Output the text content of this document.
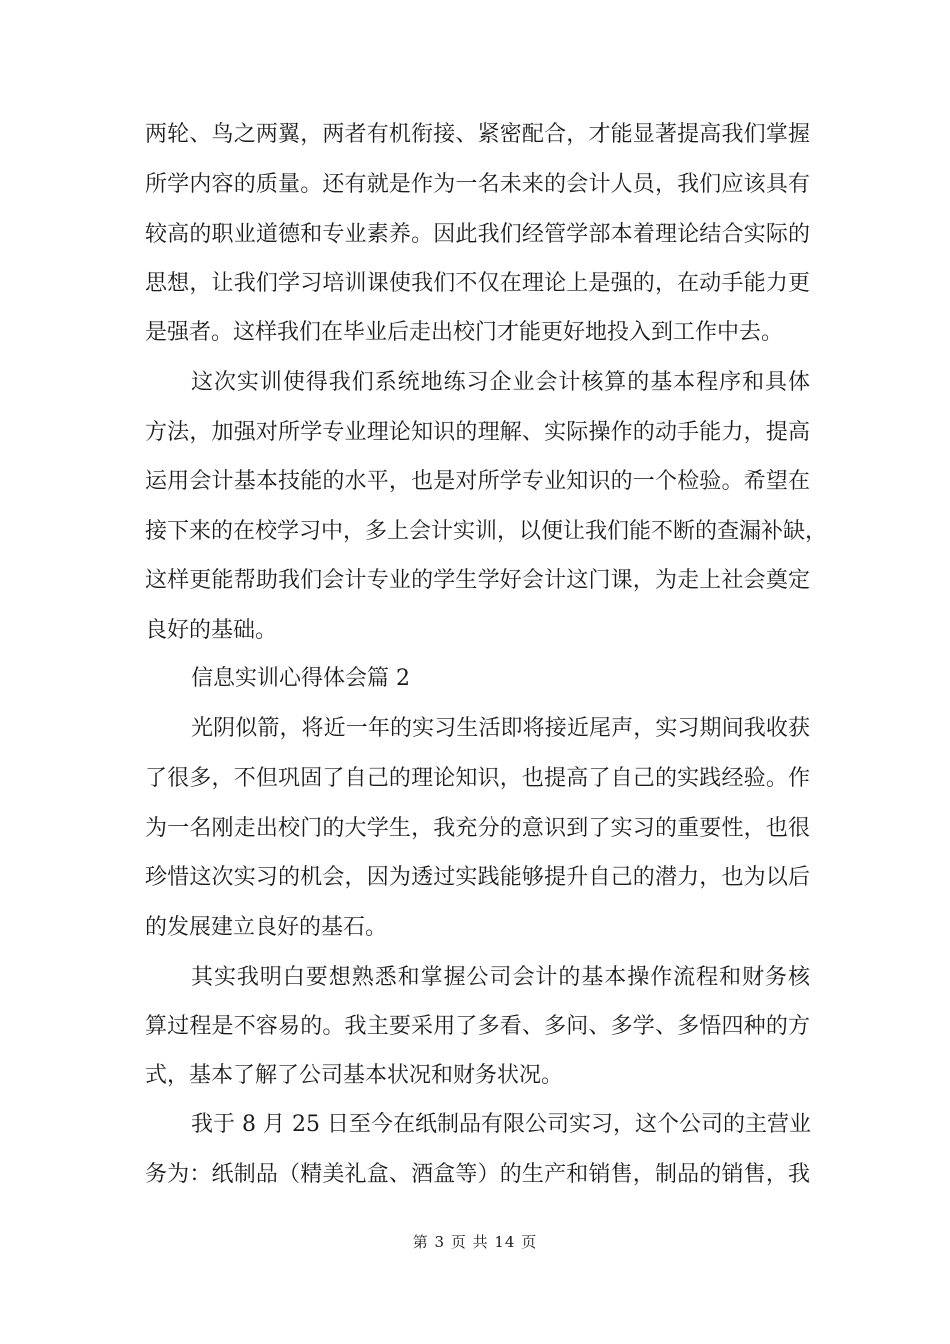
两轮、鸟之两翼，两者有机衔接、紧密配合，才能显著提高我们掌握
所学内容的质量。还有就是作为一名未来的会计人员，我们应该具有
较高的职业道德和专业素养。因此我们经管学部本着理论结合实际的
思想，让我们学习培训课使我们不仅在理论上是强的，在动手能力更
是强者。这样我们在毕业后走出校门才能更好地投入到工作中去。
这次实训使得我们系统地练习企业会计核算的基本程序和具体
方法，加强对所学专业理论知识的理解、实际操作的动手能力，提高
运用会计基本技能的水平，也是对所学专业知识的一个检验。希望在
接下来的在校学习中，多上会计实训，以便让我们能不断的查漏补缺，
这样更能帮助我们会计专业的学生学好会计这门课，为走上社会奠定
良好的基础。
信息实训心得体会篇 2
光阴似箭，将近一年的实习生活即将接近尾声，实习期间我收获
了很多，不但巩固了自己的理论知识，也提高了自己的实践经验。作
为一名刚走出校门的大学生，我充分的意识到了实习的重要性，也很
珍惜这次实习的机会，因为透过实践能够提升自己的潜力，也为以后
的发展建立良好的基石。
其实我明白要想熟悉和掌握公司会计的基本操作流程和财务核
算过程是不容易的。我主要采用了多看、多问、多学、多悟四种的方
式，基本了解了公司基本状况和财务状况。
我于 8 月 25 日至今在纸制品有限公司实习，这个公司的主营业
务为：纸制品（精美礼盒、酒盒等）的生产和销售，制品的销售，我
第 3 页 共 14 页
